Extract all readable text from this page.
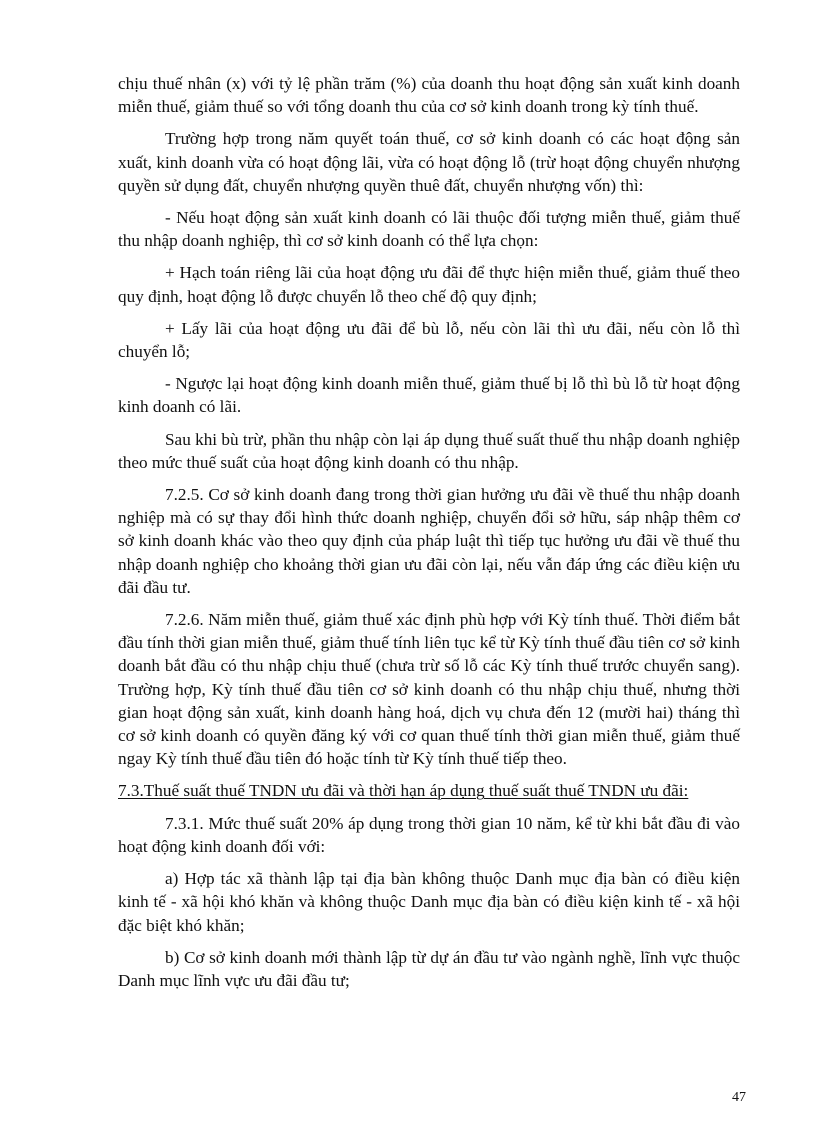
chịu thuế nhân (x) với tỷ lệ phần trăm (%) của doanh thu hoạt động sản xuất kinh doanh miễn thuế, giảm thuế so với tổng doanh thu của cơ sở kinh doanh trong kỳ tính thuế.

Trường hợp trong năm quyết toán thuế, cơ sở kinh doanh có các hoạt động sản xuất, kinh doanh vừa có hoạt động lãi, vừa có hoạt động lỗ (trừ hoạt động chuyển nhượng quyền sử dụng đất, chuyển nhượng quyền thuê đất, chuyển nhượng vốn) thì:

- Nếu hoạt động sản xuất kinh doanh có lãi thuộc đối tượng miễn thuế, giảm thuế thu nhập doanh nghiệp, thì cơ sở kinh doanh có thể lựa chọn:

+ Hạch toán riêng lãi của hoạt động ưu đãi để thực hiện miễn thuế, giảm thuế theo quy định, hoạt động lỗ được chuyển lỗ theo chế độ quy định;

+ Lấy lãi của hoạt động ưu đãi để bù lỗ, nếu còn lãi thì ưu đãi, nếu còn lỗ thì chuyển lỗ;

- Ngược lại hoạt động kinh doanh miễn thuế, giảm thuế bị lỗ thì bù lỗ từ hoạt động kinh doanh có lãi.

Sau khi bù trừ, phần thu nhập còn lại áp dụng thuế suất thuế thu nhập doanh nghiệp theo mức thuế suất của hoạt động kinh doanh có thu nhập.

7.2.5. Cơ sở kinh doanh đang trong thời gian hưởng ưu đãi về thuế thu nhập doanh nghiệp mà có sự thay đổi hình thức doanh nghiệp, chuyển đổi sở hữu, sáp nhập thêm cơ sở kinh doanh khác vào theo quy định của pháp luật thì tiếp tục hưởng ưu đãi về thuế thu nhập doanh nghiệp cho khoảng thời gian ưu đãi còn lại, nếu vẫn đáp ứng các điều kiện ưu đãi đầu tư.

7.2.6. Năm miễn thuế, giảm thuế xác định phù hợp với Kỳ tính thuế. Thời điểm bắt đầu tính thời gian miễn thuế, giảm thuế tính liên tục kể từ Kỳ tính thuế đầu tiên cơ sở kinh doanh bắt đầu có thu nhập chịu thuế (chưa trừ số lỗ các Kỳ tính thuế trước chuyển sang). Trường hợp, Kỳ tính thuế đầu tiên cơ sở kinh doanh có thu nhập chịu thuế, nhưng thời gian hoạt động sản xuất, kinh doanh hàng hoá, dịch vụ chưa đến 12 (mười hai) tháng thì cơ sở kinh doanh có quyền đăng ký với cơ quan thuế tính thời gian miễn thuế, giảm thuế ngay Kỳ tính thuế đầu tiên đó hoặc tính từ Kỳ tính thuế tiếp theo.

7.3.Thuế suất thuế TNDN ưu đãi và thời hạn áp dụng thuế suất thuế TNDN ưu đãi:

7.3.1. Mức thuế suất 20% áp dụng trong thời gian 10 năm, kể từ khi bắt đầu đi vào hoạt động kinh doanh đối với:

a) Hợp tác xã thành lập tại địa bàn không thuộc Danh mục địa bàn có điều kiện kinh tế - xã hội khó khăn và không thuộc Danh mục địa bàn có điều kiện kinh tế - xã hội đặc biệt khó khăn;

b) Cơ sở kinh doanh mới thành lập từ dự án đầu tư vào ngành nghề, lĩnh vực thuộc Danh mục lĩnh vực ưu đãi đầu tư;

47
